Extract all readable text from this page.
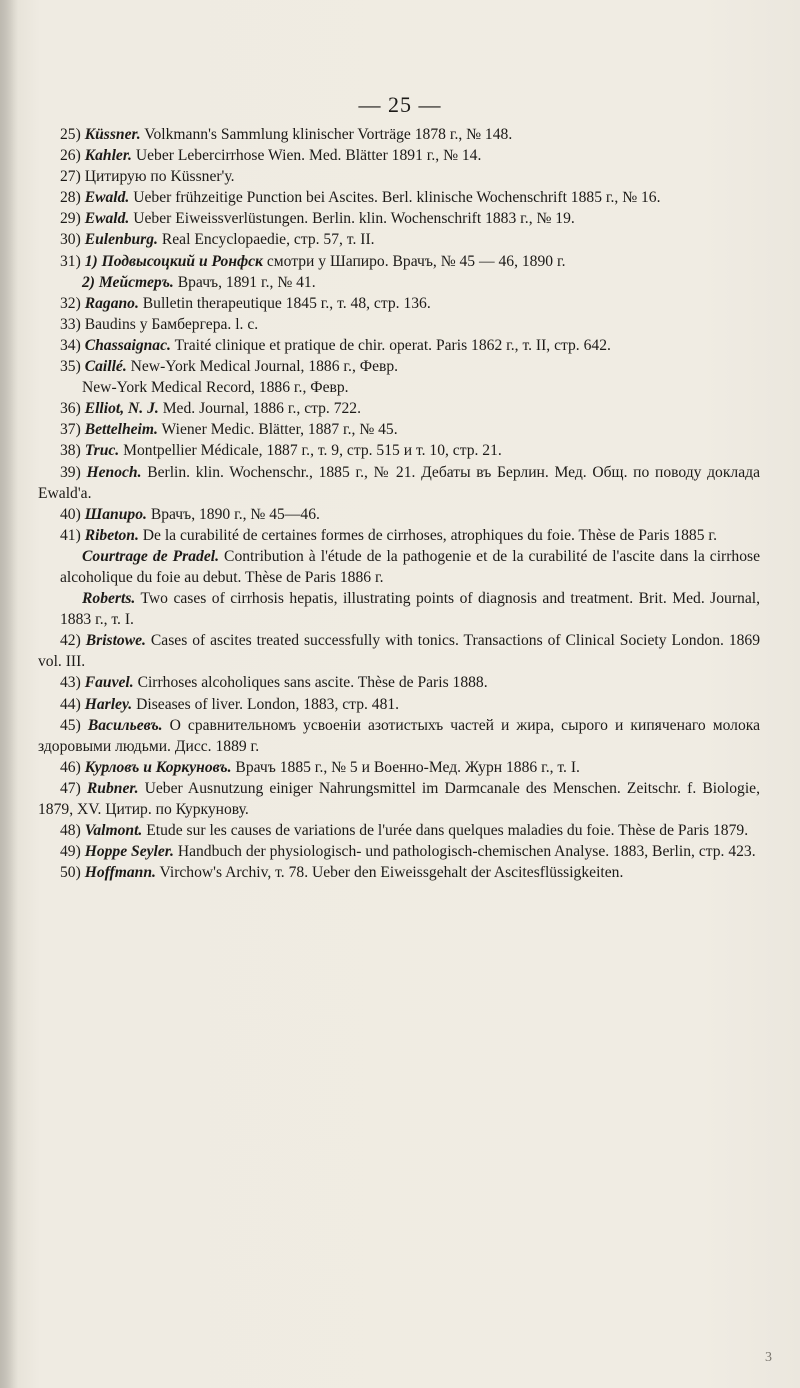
— 25 —

25) Küssner. Volkmann's Sammlung klinischer Vorträge 1878 г., № 148.

26) Kahler. Ueber Lebercirrhose Wien. Med. Blätter 1891 г., № 14.

27) Цитирую по Küssner'у.

28) Ewald. Ueber frühzeitige Punction bei Ascites. Berl. klinische Wochenschrift 1885 г., № 16.

29) Ewald. Ueber Eiweissverlüstungen. Berlin. klin. Wochenschrift 1883 г., № 19.

30) Eulenburg. Real Encyclopaedie, стр. 57, т. II.

31) 1) Подвысоцкий и Ронфск смотри у Шапиро. Врачъ, № 45 — 46, 1890 г.

2) Мейстеръ. Врачъ, 1891 г., № 41.

32) Ragano. Bulletin therapeutique 1845 г., т. 48, стр. 136.

33) Baudins у Бамбергера. l. c.

34) Chassaignac. Traité clinique et pratique de chir. operat. Paris 1862 г., т. II, стр. 642.

35) Caillé. New-York Medical Journal, 1886 г., Февр.

New-York Medical Record, 1886 г., Февр.

36) Elliot, N. J. Med. Journal, 1886 г., стр. 722.

37) Bettelheim. Wiener Medic. Blätter, 1887 г., № 45.

38) Truc. Montpellier Médicale, 1887 г., т. 9, стр. 515 и т. 10, стр. 21.

39) Henoch. Berlin. klin. Wochenschr., 1885 г., № 21. Дебаты въ Берлин. Мед. Общ. по поводу доклада Ewald'а.

40) Шапиро. Врачъ, 1890 г., № 45—46.

41) Ribeton. De la curabilité de certaines formes de cirrhoses, atrophiques du foie. Thèse de Paris 1885 г.

Courtrage de Pradel. Contribution à l'étude de la pathogenie et de la curabilité de l'ascite dans la cirrhose alcoholique du foie au debut. Thèse de Paris 1886 г.

Roberts. Two cases of cirrhosis hepatis, illustrating points of diagnosis and treatment. Brit. Med. Journal, 1883 г., т. I.

42) Bristowe. Cases of ascites treated successfully with tonics. Transactions of Clinical Society London. 1869 vol. III.

43) Fauvel. Cirrhoses alcoholiques sans ascite. Thèse de Paris 1888.

44) Harley. Diseases of liver. London, 1883, стр. 481.

45) Васильевъ. О сравнительномъ усвоеніи азотистыхъ частей и жира, сырого и кипяченаго молока здоровыми людьми. Дисс. 1889 г.

46) Курловъ и Коркуновъ. Врачъ 1885 г., № 5 и Военно-Мед. Журн 1886 г., т. I.

47) Rubner. Ueber Ausnutzung einiger Nahrungsmittel im Darmcanale des Menschen. Zeitschr. f. Biologie, 1879, XV. Цитир. по Куркунову.

48) Valmont. Etude sur les causes de variations de l'urée dans quelques maladies du foie. Thèse de Paris 1879.

49) Hoppe Seyler. Handbuch der physiologisch- und pathologisch-chemischen Analyse. 1883, Berlin, стр. 423.

50) Hoffmann. Virchow's Archiv, т. 78. Ueber den Eiweissgehalt der Ascitesflüssigkeiten.

3
